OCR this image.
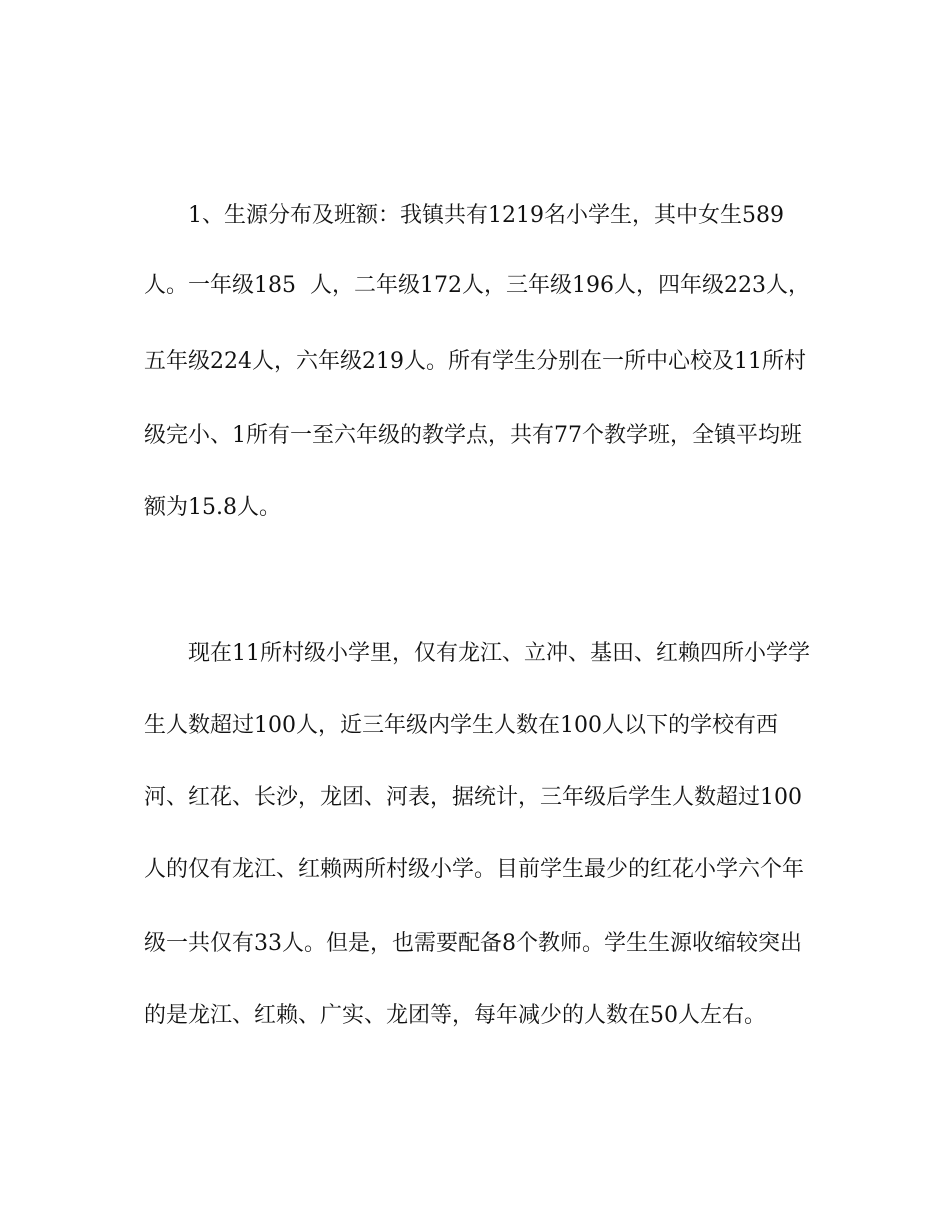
1、生源分布及班额：我镇共有1219名小学生，其中女生589

人。一年级185  人，二年级172人，三年级196人，四年级223人，

五年级224人，六年级219人。所有学生分别在一所中心校及11所村

级完小、1所有一至六年级的教学点，共有77个教学班，全镇平均班

额为15.8人。

现在11所村级小学里，仅有龙江、立冲、基田、红赖四所小学学

生人数超过100人，近三年级内学生人数在100人以下的学校有西

河、红花、长沙，龙团、河表，据统计，三年级后学生人数超过100

人的仅有龙江、红赖两所村级小学。目前学生最少的红花小学六个年

级一共仅有33人。但是，也需要配备8个教师。学生生源收缩较突出

的是龙江、红赖、广实、龙团等，每年减少的人数在50人左右。
